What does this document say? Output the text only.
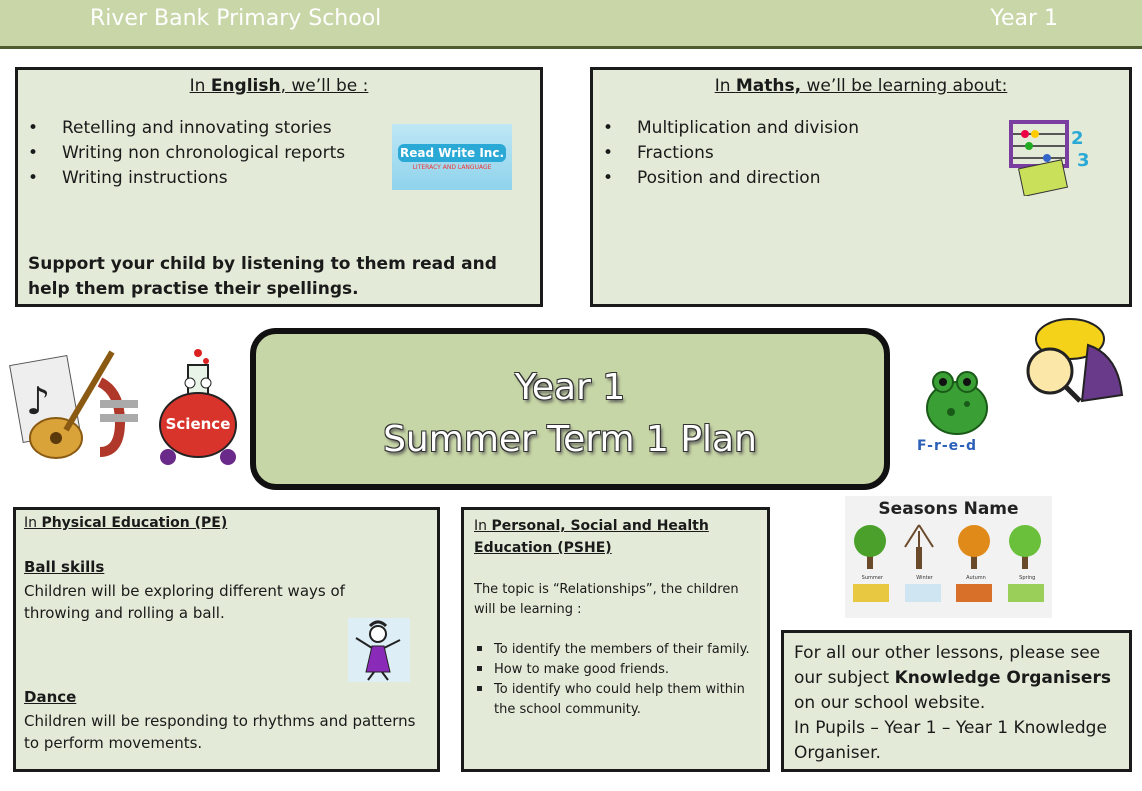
River Bank Primary School	Year 1
In English, we’ll be :
• Retelling and innovating stories
• Writing non chronological reports
• Writing instructions
Support your child by listening to them read and help them practise their spellings.
Read Write Inc.
LITERACY AND LANGUAGE
In Maths, we’ll be learning about:
• Multiplication and division
• Fractions
• Position and direction
2
3
♪
Science
Year 1
Summer Term 1 Plan	F-r-e-d
In Physical Education (PE)
Ball skills
Children will be exploring different ways of throwing and rolling a ball.
Dance
Children will be responding to rhythms and patterns to perform movements.
In Personal, Social and Health Education (PSHE)
The topic is “Relationships”, the children will be learning :
To identify the members of their family.
How to make good friends.
To identify who could help them within the school community.
Seasons Name
Summer	Winter	Autumn	Spring
For all our other lessons, please see our subject Knowledge Organisers on our school website.
In Pupils – Year 1 – Year 1 Knowledge Organiser.
